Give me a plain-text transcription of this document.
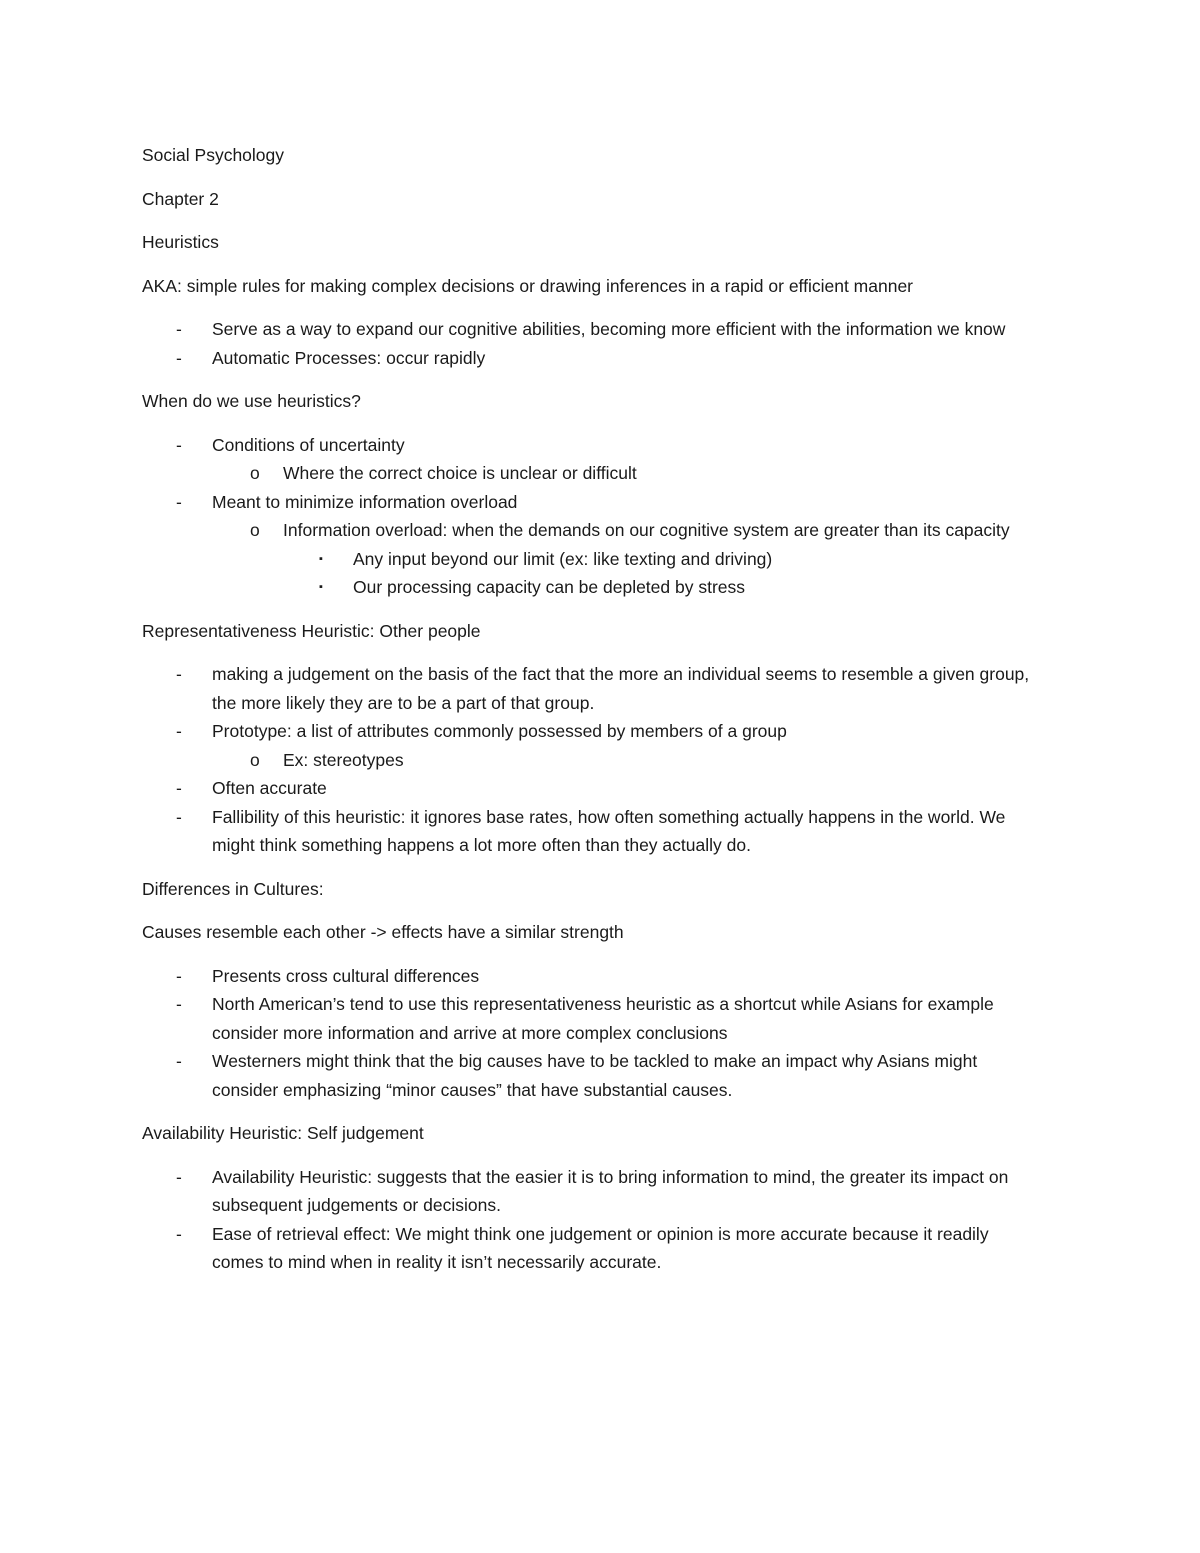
Social Psychology

Chapter 2

Heuristics

AKA: simple rules for making complex decisions or drawing inferences in a rapid or efficient manner

-	Serve as a way to expand our cognitive abilities, becoming more efficient with the information we know
-	Automatic Processes: occur rapidly

When do we use heuristics?

-	Conditions of uncertainty
o	Where the correct choice is unclear or difficult
-	Meant to minimize information overload
o	Information overload: when the demands on our cognitive system are greater than its capacity
▪	Any input beyond our limit (ex: like texting and driving)
▪	Our processing capacity can be depleted by stress

Representativeness Heuristic: Other people

-	making a judgement on the basis of the fact that the more an individual seems to resemble a given group, the more likely they are to be a part of that group.
-	Prototype: a list of attributes commonly possessed by members of a group
o	Ex: stereotypes
-	Often accurate
-	Fallibility of this heuristic: it ignores base rates, how often something actually happens in the world. We might think something happens a lot more often than they actually do.

Differences in Cultures:

Causes resemble each other -> effects have a similar strength

-	Presents cross cultural differences
-	North American’s tend to use this representativeness heuristic as a shortcut while Asians for example consider more information and arrive at more complex conclusions
-	Westerners might think that the big causes have to be tackled to make an impact why Asians might consider emphasizing “minor causes” that have substantial causes.

Availability Heuristic: Self judgement

-	Availability Heuristic: suggests that the easier it is to bring information to mind, the greater its impact on subsequent judgements or decisions.
-	Ease of retrieval effect: We might think one judgement or opinion is more accurate because it readily comes to mind when in reality it isn’t necessarily accurate.
